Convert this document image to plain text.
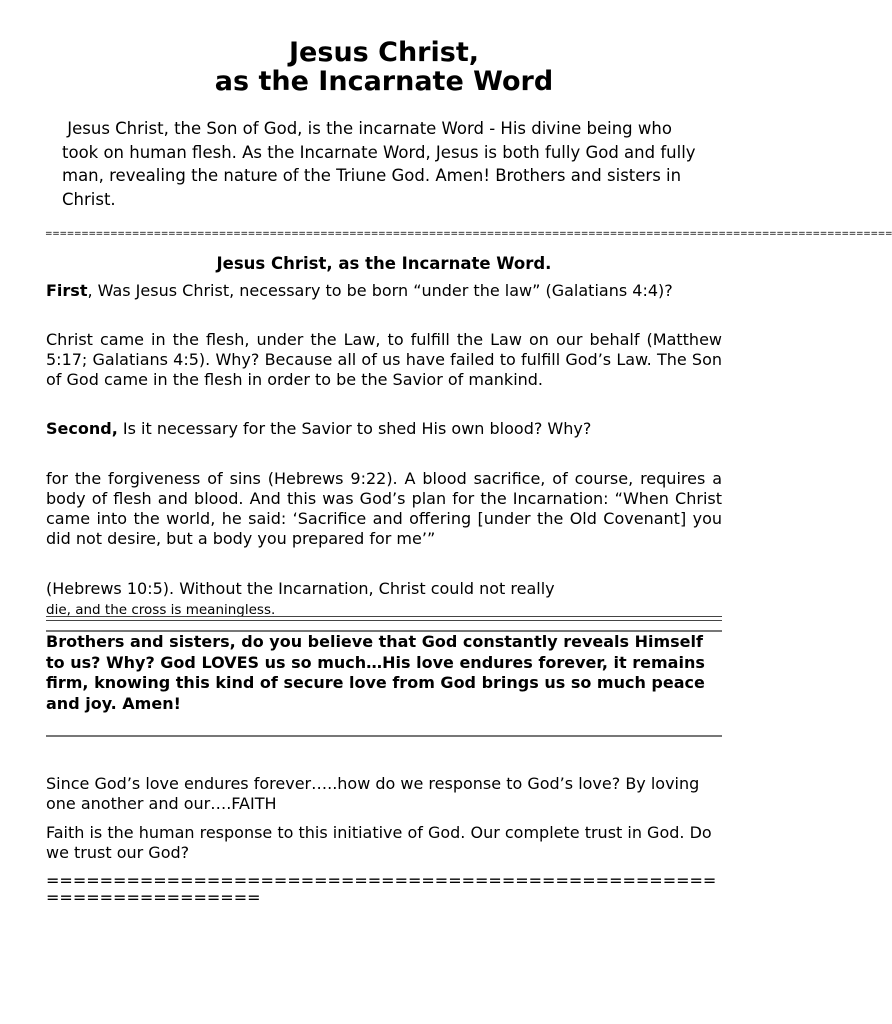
Jesus Christ,
as the Incarnate Word
Jesus Christ, the Son of God, is the incarnate Word - His divine being who took on human flesh. As the Incarnate Word, Jesus is both fully God and fully man, revealing the nature of the Triune God. Amen! Brothers and sisters in Christ.
=====================================================================================================================
Jesus Christ, as the Incarnate Word.
First, Was Jesus Christ, necessary to be born “under the law” (Galatians 4:4)?
Christ came in the flesh, under the Law, to fulfill the Law on our behalf (Matthew 5:17; Galatians 4:5). Why? Because all of us have failed to fulfill God’s Law. The Son of God came in the flesh in order to be the Savior of mankind.
Second, Is it necessary for the Savior to shed His own blood? Why?
for the forgiveness of sins (Hebrews 9:22). A blood sacrifice, of course, requires a body of flesh and blood. And this was God’s plan for the Incarnation: “When Christ came into the world, he said: ‘Sacrifice and offering [under the Old Covenant] you did not desire, but a body you prepared for me’”
(Hebrews 10:5). Without the Incarnation, Christ could not really
die, and the cross is meaningless.
Brothers and sisters, do you believe that God constantly reveals Himself to us? Why? God LOVES us so much…His love endures forever, it remains firm, knowing this kind of secure love from God brings us so much peace and joy. Amen!
Since God’s love endures forever…..how do we response to God’s love? By loving one another and our….FAITH
Faith is the human response to this initiative of God. Our complete trust in God. Do we trust our God?
==================================================
================
